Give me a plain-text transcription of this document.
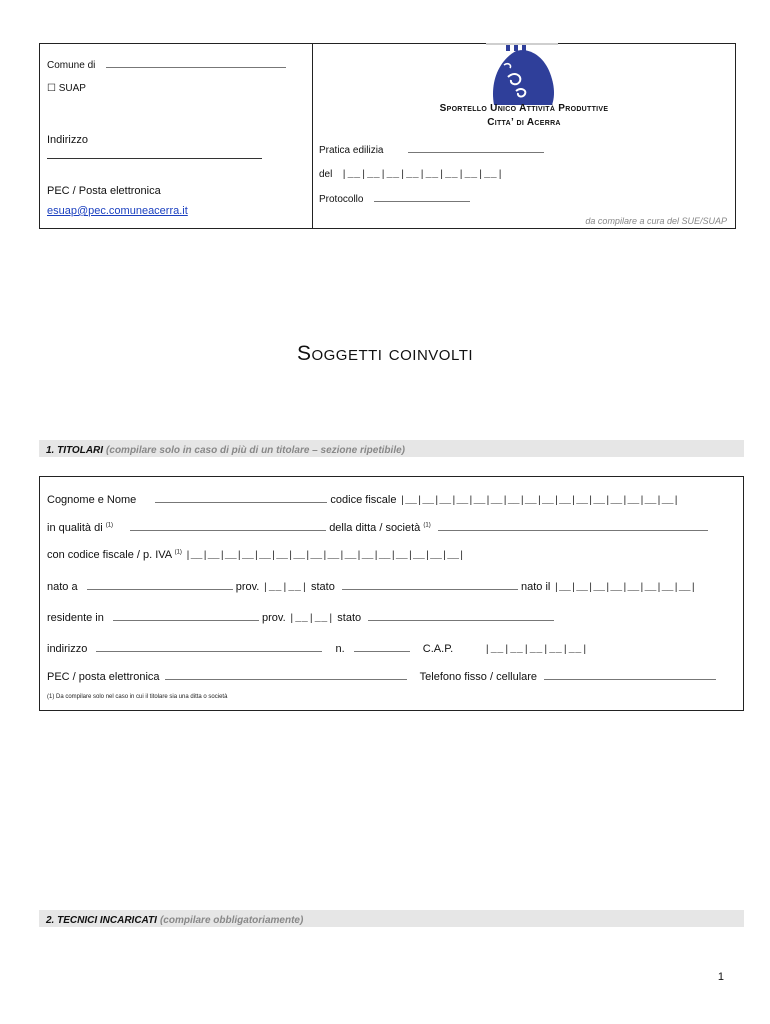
Comune di
☐ SUAP
Indirizzo
PEC / Posta elettronica
esuap@pec.comuneacerra.it
Sportello Unico Attività Produttive
Citta’ di Acerra
Pratica edilizia
del |__|__|__|__|__|__|__|__|
Protocollo
da compilare a cura del SUE/SUAP
Soggetti coinvolti
1. TITOLARI (compilare solo in caso di più di un titolare – sezione ripetibile)
Cognome e Nome	codice fiscale |__|__|__|__|__|__|__|__|__|__|__|__|__|__|__|__|
in qualità di $^{(1)}$	della ditta / società $^{(1)}$
con codice fiscale / p. IVA $^{(1)}$ |__|__|__|__|__|__|__|__|__|__|__|__|__|__|__|__|
nato a	prov. |__|__| stato	nato il |__|__|__|__|__|__|__|__|
residente in	prov. |__|__| stato
indirizzo	n.	C.A.P.	|__|__|__|__|__|
PEC / posta elettronica	Telefono fisso / cellulare
(1) Da compilare solo nel caso in cui il titolare sia una ditta o società
2. TECNICI INCARICATI (compilare obbligatoriamente)
1
